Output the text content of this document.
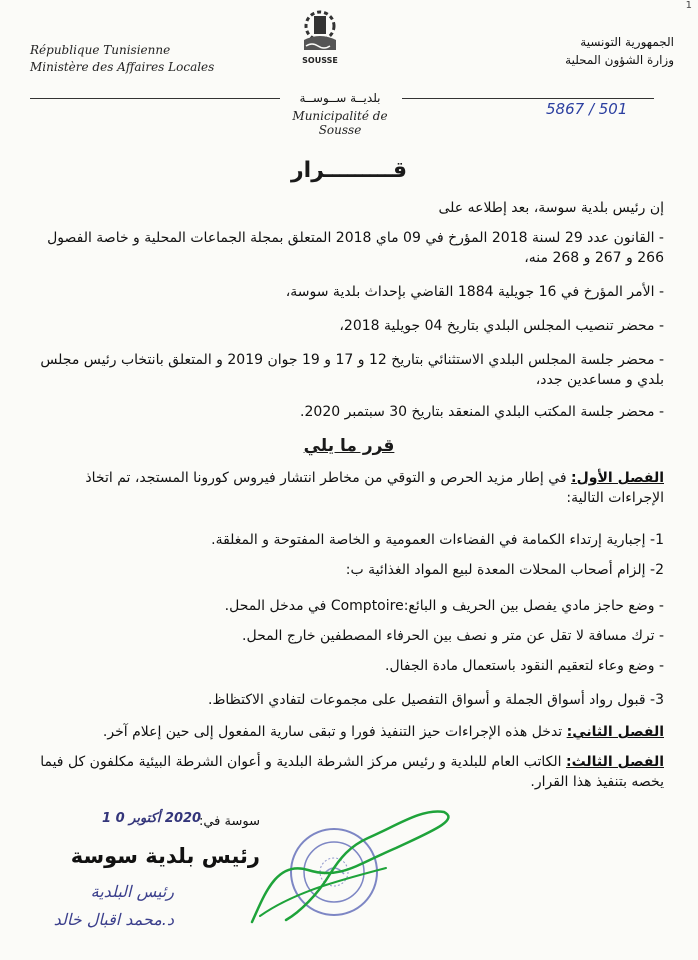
République Tunisienne
Ministère des Affaires Locales
الجمهورية التونسية
وزارة الشؤون المحلية
1
SOUSSE
بلديــة ســوســة
Municipalité de Sousse
5867 / 501
قـــــــــرار
إن رئيس بلدية سوسة، بعد إطلاعه على
- القانون عدد 29 لسنة 2018 المؤرخ في 09 ماي 2018 المتعلق بمجلة الجماعات المحلية و خاصة الفصول 266 و 267 و 268 منه،
- الأمر المؤرخ في 16 جويلية 1884 القاضي بإحداث بلدية سوسة،
- محضر تنصيب المجلس البلدي بتاريخ 04 جويلية 2018،
- محضر جلسة المجلس البلدي الاستثنائي بتاريخ 12 و 17 و 19 جوان 2019 و المتعلق بانتخاب رئيس مجلس بلدي و مساعدين جدد،
- محضر جلسة المكتب البلدي المنعقد بتاريخ 30 سبتمبر 2020.
قرر ما يلي
الفصل الأول: في إطار مزيد الحرص و التوقي من مخاطر انتشار فيروس كورونا المستجد، تم اتخاذ الإجراءات التالية:
1- إجبارية إرتداء الكمامة في الفضاءات العمومية و الخاصة المفتوحة و المغلقة.
2- إلزام أصحاب المحلات المعدة لبيع المواد الغذائية ب:
- وضع حاجز مادي يفصل بين الحريف و البائع:Comptoire في مدخل المحل.
- ترك مسافة لا تقل عن متر و نصف بين الحرفاء المصطفين خارج المحل.
- وضع وعاء لتعقيم النقود باستعمال مادة الجفال.
3- قبول رواد أسواق الجملة و أسواق التفصيل على مجموعات لتفادي الاكتظاظ.
الفصل الثاني: تدخل هذه الإجراءات حيز التنفيذ فورا و تبقى سارية المفعول إلى حين إعلام آخر.
الفصل الثالث: الكاتب العام للبلدية و رئيس مركز الشرطة البلدية و أعوان الشرطة البيئية مكلفون كل فيما يخصه بتنفيذ هذا القرار.
سوسة في:
2020 أكتوبر 0 1
رئيس بلدية سوسة
رئيس البلدية
د.محمد اقبال خالد
